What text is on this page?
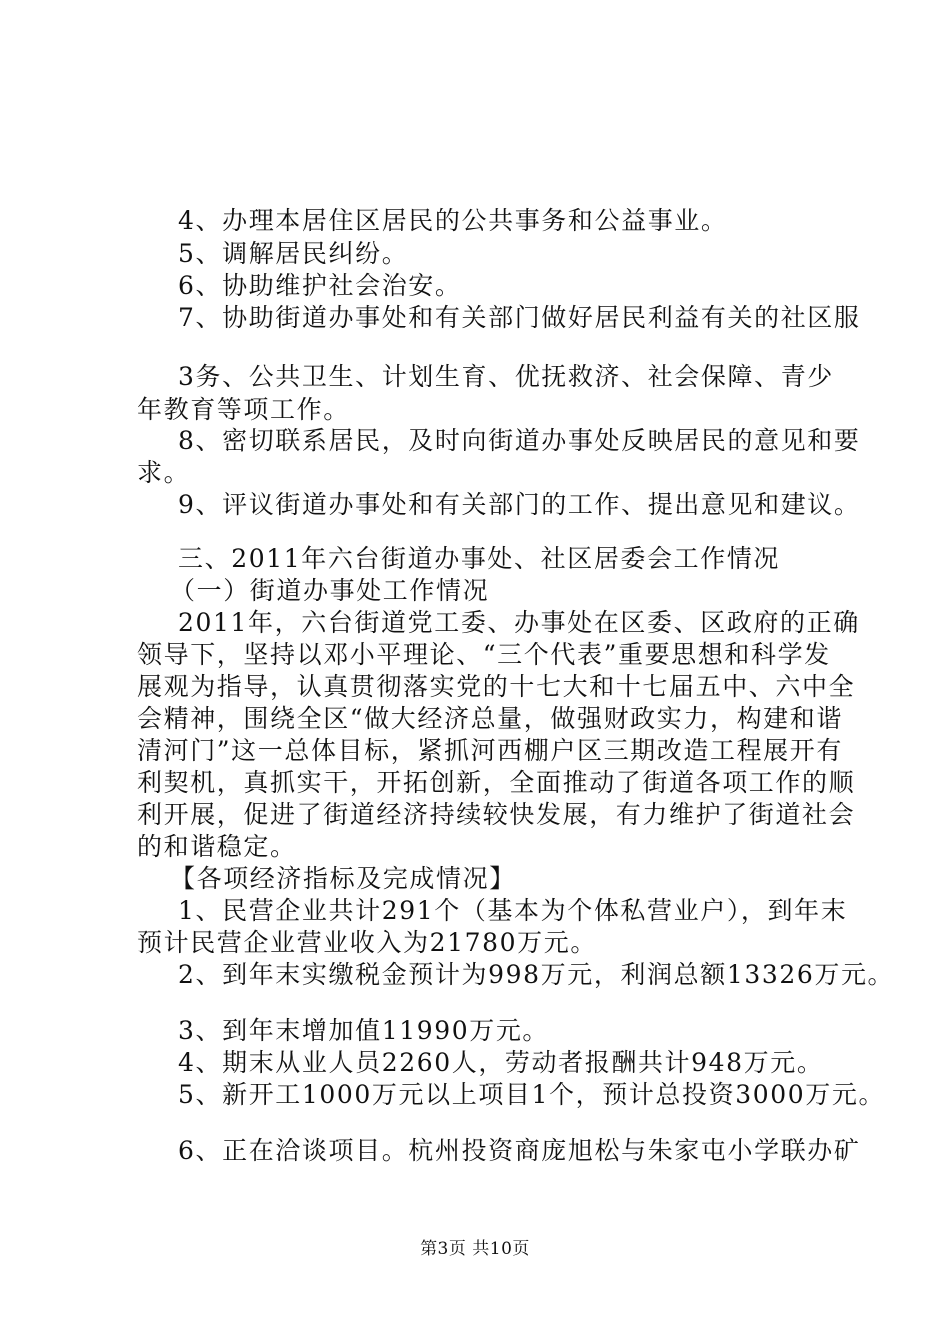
4、办理本居住区居民的公共事务和公益事业。
5、调解居民纠纷。
6、协助维护社会治安。
7、协助街道办事处和有关部门做好居民利益有关的社区服
3务、公共卫生、计划生育、优抚救济、社会保障、青少
年教育等项工作。
8、密切联系居民，及时向街道办事处反映居民的意见和要
求。
9、评议街道办事处和有关部门的工作、提出意见和建议。
三、2011年六台街道办事处、社区居委会工作情况
（一）街道办事处工作情况
2011年，六台街道党工委、办事处在区委、区政府的正确
领导下，坚持以邓小平理论、“三个代表”重要思想和科学发
展观为指导，认真贯彻落实党的十七大和十七届五中、六中全
会精神，围绕全区“做大经济总量，做强财政实力，构建和谐
清河门”这一总体目标，紧抓河西棚户区三期改造工程展开有
利契机，真抓实干，开拓创新，全面推动了街道各项工作的顺
利开展，促进了街道经济持续较快发展，有力维护了街道社会
的和谐稳定。
【各项经济指标及完成情况】
1、民营企业共计291个（基本为个体私营业户），到年末
预计民营企业营业收入为21780万元。
2、到年末实缴税金预计为998万元，利润总额13326万元。
3、到年末增加值11990万元。
4、期末从业人员2260人，劳动者报酬共计948万元。
5、新开工1000万元以上项目1个，预计总投资3000万元。
6、正在洽谈项目。杭州投资商庞旭松与朱家屯小学联办矿
第3页 共10页
